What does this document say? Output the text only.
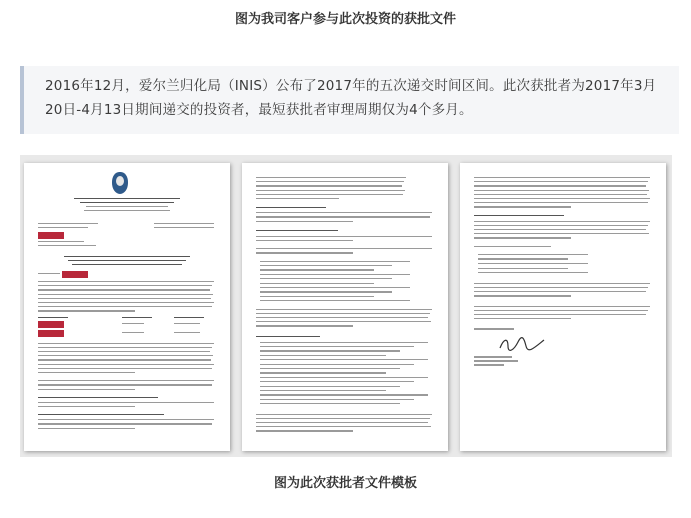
图为我司客户参与此次投资的获批文件
2016年12月，爱尔兰归化局（INIS）公布了2017年的五次递交时间区间。此次获批者为2017年3月20日-4月13日期间递交的投资者，最短获批者审理周期仅为4个多月。
图为此次获批者文件模板
